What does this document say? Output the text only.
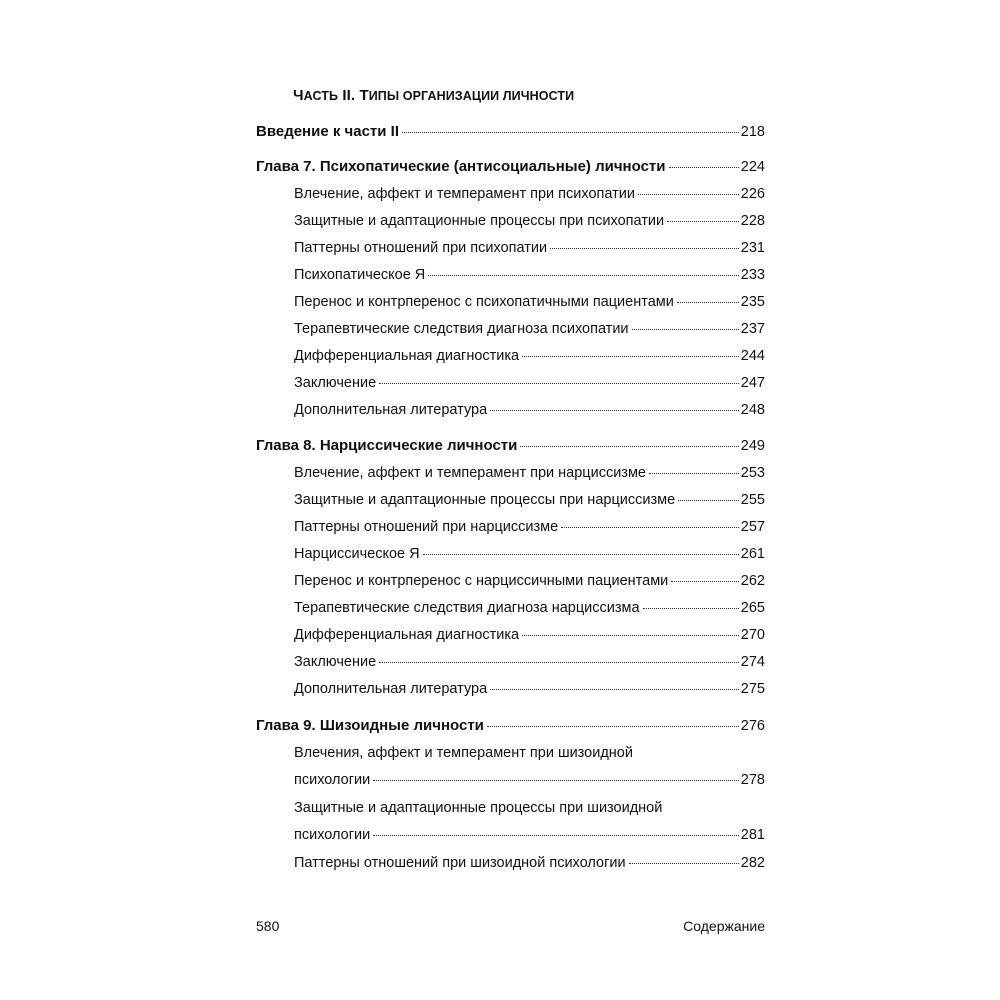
ЧАСТЬ II. ТИПЫ ОРГАНИЗАЦИИ ЛИЧНОСТИ
Введение к части II	218
Глава 7. Психопатические (антисоциальные) личности	224
Влечение, аффект и темперамент при психопатии	226
Защитные и адаптационные процессы при психопатии	228
Паттерны отношений при психопатии	231
Психопатическое Я	233
Перенос и контрперенос с психопатичными пациентами	235
Терапевтические следствия диагноза психопатии	237
Дифференциальная диагностика	244
Заключение	247
Дополнительная литература	248
Глава 8. Нарциссические личности	249
Влечение, аффект и темперамент при нарциссизме	253
Защитные и адаптационные процессы при нарциссизме	255
Паттерны отношений при нарциссизме	257
Нарциссическое Я	261
Перенос и контрперенос с нарциссичными пациентами	262
Терапевтические следствия диагноза нарциссизма	265
Дифференциальная диагностика	270
Заключение	274
Дополнительная литература	275
Глава 9. Шизоидные личности	276
Влечения, аффект и темперамент при шизоидной
психологии	278
Защитные и адаптационные процессы при шизоидной
психологии	281
Паттерны отношений при шизоидной психологии	282
580	Содержание
